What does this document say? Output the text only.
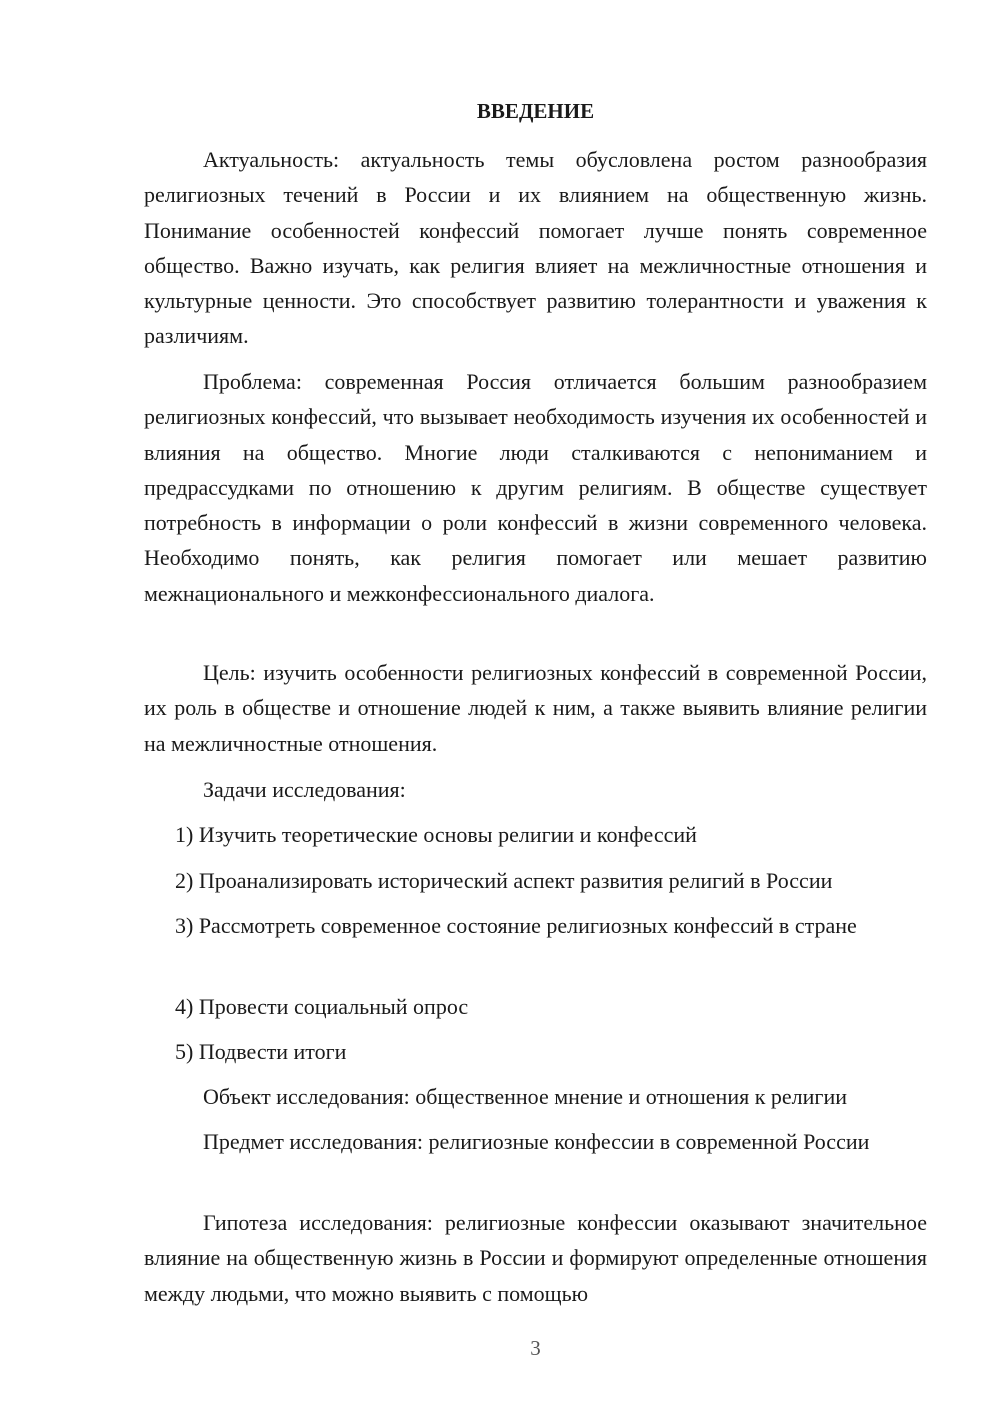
ВВЕДЕНИЕ

Актуальность: актуальность темы обусловлена ростом разнообразия религиозных течений в России и их влиянием на общественную жизнь. Понимание особенностей конфессий помогает лучше понять современное общество. Важно изучать, как религия влияет на межличностные отношения и культурные ценности. Это способствует развитию толерантности и уважения к различиям.

Проблема: современная Россия отличается большим разнообразием религиозных конфессий, что вызывает необходимость изучения их особенностей и влияния на общество. Многие люди сталкиваются с непониманием и предрассудками по отношению к другим религиям. В обществе существует потребность в информации о роли конфессий в жизни современного человека. Необходимо понять, как религия помогает или мешает развитию межнационального и межконфессионального диалога.

Цель: изучить особенности религиозных конфессий в современной России, их роль в обществе и отношение людей к ним, а также выявить влияние религии на межличностные отношения.

Задачи исследования:

1) Изучить теоретические основы религии и конфессий

2) Проанализировать исторический аспект развития религий в России

3) Рассмотреть современное состояние религиозных конфессий в стране

4) Провести социальный опрос

5) Подвести итоги

Объект исследования: общественное мнение и отношения к религии

Предмет исследования: религиозные конфессии в современной России

Гипотеза исследования: религиозные конфессии оказывают значительное влияние на общественную жизнь в России и формируют определенные отношения между людьми, что можно выявить с помощью

3
